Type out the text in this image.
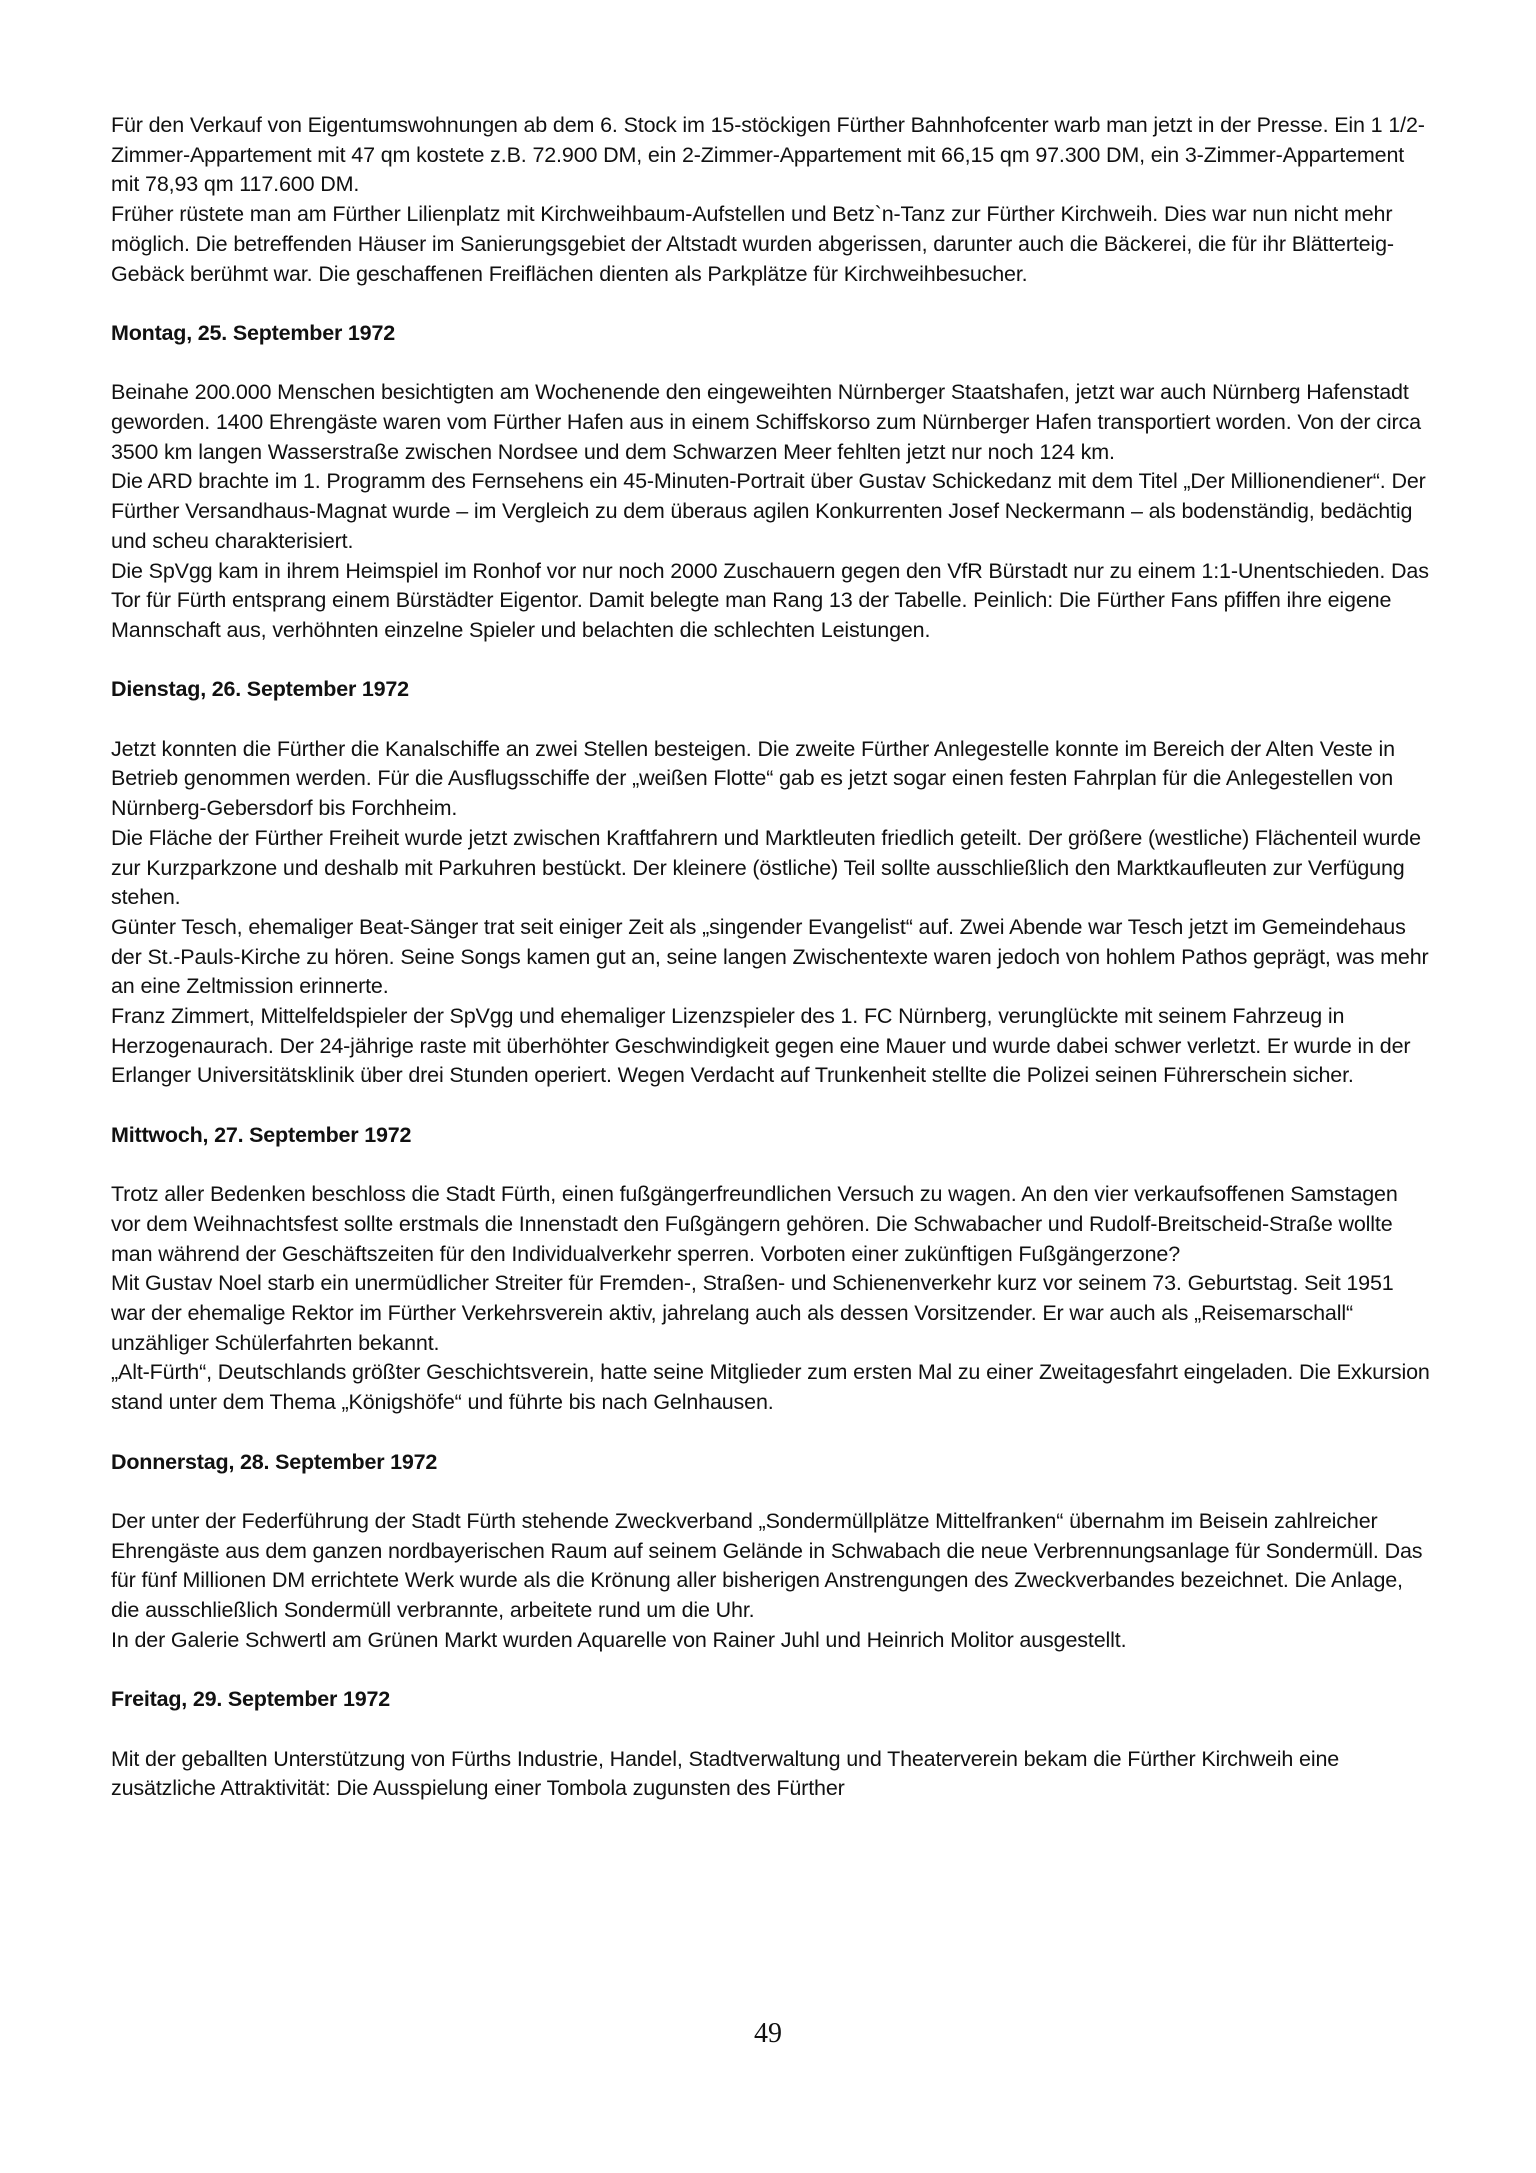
Für den Verkauf von Eigentumswohnungen ab dem 6. Stock im 15-stöckigen Fürther Bahnhofcenter warb man jetzt in der Presse. Ein 1 1/2-Zimmer-Appartement mit 47 qm kostete z.B. 72.900 DM, ein 2-Zimmer-Appartement mit 66,15 qm 97.300 DM, ein 3-Zimmer-Appartement mit 78,93 qm 117.600 DM.

Früher rüstete man am Fürther Lilienplatz mit Kirchweihbaum-Aufstellen und Betz`n-Tanz zur Fürther Kirchweih. Dies war nun nicht mehr möglich. Die betreffenden Häuser im Sanierungsgebiet der Altstadt wurden abgerissen, darunter auch die Bäckerei, die für ihr Blätterteig-Gebäck berühmt war. Die geschaffenen Freiflächen dienten als Parkplätze für Kirchweihbesucher.

Montag, 25. September 1972

Beinahe 200.000 Menschen besichtigten am Wochenende den eingeweihten Nürnberger Staatshafen, jetzt war auch Nürnberg Hafenstadt geworden. 1400 Ehrengäste waren vom Fürther Hafen aus in einem Schiffskorso zum Nürnberger Hafen transportiert worden. Von der circa 3500 km langen Wasserstraße zwischen Nordsee und dem Schwarzen Meer fehlten jetzt nur noch 124 km.

Die ARD brachte im 1. Programm des Fernsehens ein 45-Minuten-Portrait über Gustav Schickedanz mit dem Titel „Der Millionendiener“. Der Fürther Versandhaus-Magnat wurde – im Vergleich zu dem überaus agilen Konkurrenten Josef Neckermann – als bodenständig, bedächtig und scheu charakterisiert.

Die SpVgg kam in ihrem Heimspiel im Ronhof vor nur noch 2000 Zuschauern gegen den VfR Bürstadt nur zu einem 1:1-Unentschieden. Das Tor für Fürth entsprang einem Bürstädter Eigentor. Damit belegte man Rang 13 der Tabelle. Peinlich: Die Fürther Fans pfiffen ihre eigene Mannschaft aus, verhöhnten einzelne Spieler und belachten die schlechten Leistungen.

Dienstag, 26. September 1972

Jetzt konnten die Fürther die Kanalschiffe an zwei Stellen besteigen. Die zweite Fürther Anlegestelle konnte im Bereich der Alten Veste in Betrieb genommen werden. Für die Ausflugsschiffe der „weißen Flotte“ gab es jetzt sogar einen festen Fahrplan für die Anlegestellen von Nürnberg-Gebersdorf bis Forchheim.

Die Fläche der Fürther Freiheit wurde jetzt zwischen Kraftfahrern und Marktleuten friedlich geteilt. Der größere (westliche) Flächenteil wurde zur Kurzparkzone und deshalb mit Parkuhren bestückt. Der kleinere (östliche) Teil sollte ausschließlich den Marktkaufleuten zur Verfügung stehen.

Günter Tesch, ehemaliger Beat-Sänger trat seit einiger Zeit als „singender Evangelist“ auf. Zwei Abende war Tesch jetzt im Gemeindehaus der St.-Pauls-Kirche zu hören. Seine Songs kamen gut an, seine langen Zwischentexte waren jedoch von hohlem Pathos geprägt, was mehr an eine Zeltmission erinnerte.

Franz Zimmert, Mittelfeldspieler der SpVgg und ehemaliger Lizenzspieler des 1. FC Nürnberg, verunglückte mit seinem Fahrzeug in Herzogenaurach. Der 24-jährige raste mit überhöhter Geschwindigkeit gegen eine Mauer und wurde dabei schwer verletzt. Er wurde in der Erlanger Universitätsklinik über drei Stunden operiert. Wegen Verdacht auf Trunkenheit stellte die Polizei seinen Führerschein sicher.

Mittwoch, 27. September 1972

Trotz aller Bedenken beschloss die Stadt Fürth, einen fußgängerfreundlichen Versuch zu wagen. An den vier verkaufsoffenen Samstagen vor dem Weihnachtsfest sollte erstmals die Innenstadt den Fußgängern gehören. Die Schwabacher und Rudolf-Breitscheid-Straße wollte man während der Geschäftszeiten für den Individualverkehr sperren. Vorboten einer zukünftigen Fußgängerzone?

Mit Gustav Noel starb ein unermüdlicher Streiter für Fremden-, Straßen- und Schienenverkehr kurz vor seinem 73. Geburtstag. Seit 1951 war der ehemalige Rektor im Fürther Verkehrsverein aktiv, jahrelang auch als dessen Vorsitzender. Er war auch als „Reisemarschall“ unzähliger Schülerfahrten bekannt.

„Alt-Fürth“, Deutschlands größter Geschichtsverein, hatte seine Mitglieder zum ersten Mal zu einer Zweitagesfahrt eingeladen. Die Exkursion stand unter dem Thema „Königshöfe“ und führte bis nach Gelnhausen.

Donnerstag, 28. September 1972

Der unter der Federführung der Stadt Fürth stehende Zweckverband „Sondermüllplätze Mittelfranken“ übernahm im Beisein zahlreicher Ehrengäste aus dem ganzen nordbayerischen Raum auf seinem Gelände in Schwabach die neue Verbrennungsanlage für Sondermüll. Das für fünf Millionen DM errichtete Werk wurde als die Krönung aller bisherigen Anstrengungen des Zweckverbandes bezeichnet. Die Anlage, die ausschließlich Sondermüll verbrannte, arbeitete rund um die Uhr.

In der Galerie Schwertl am Grünen Markt wurden Aquarelle von Rainer Juhl und Heinrich Molitor ausgestellt.

Freitag, 29. September 1972

Mit der geballten Unterstützung von Fürths Industrie, Handel, Stadtverwaltung und Theaterverein bekam die Fürther Kirchweih eine zusätzliche Attraktivität: Die Ausspielung einer Tombola zugunsten des Fürther

49
